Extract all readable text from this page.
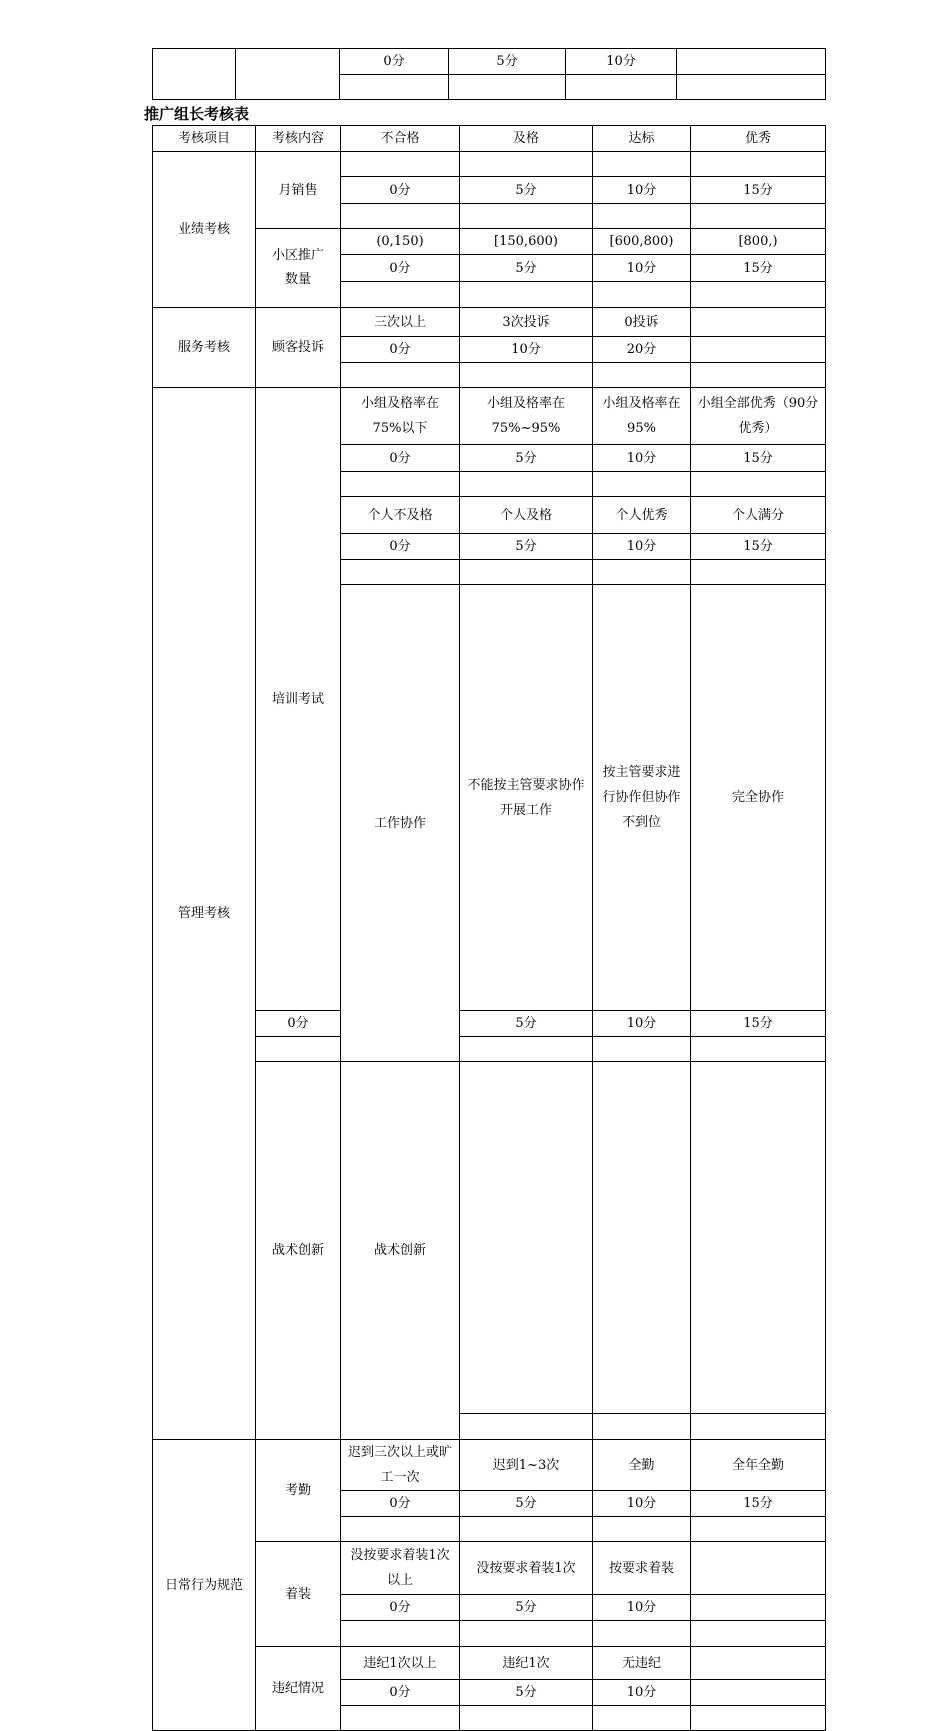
		0分	5分	10分	

推广组长考核表
考核项目	考核内容	不合格	及格	达标	优秀	
业绩考核	月销售					
		0分	5分	10分	15分	

	小区推广
数量	(0,150)	[150,600)	[600,800)	[800,)	
		0分	5分	10分	15分	

服务考核	顾客投诉	三次以上	3次投诉	0投诉		
		0分	10分	20分		

管理考核	培训考试	小组及格率在75%以下	小组及格率在75%~95%	小组及格率在95%	小组全部优秀（90分优秀）	
		0分	5分	10分	15分	

		个人不及格	个人及格	个人优秀	个人满分	
		0分	5分	10分	15分	

		工作协作	不能按主管要求协作开展工作	按主管要求进行协作但协作不到位	完全协作	
	0分		5分	10分	15分	

	战术创新	战术创新				

日常行为规范	考勤	迟到三次以上或旷工一次	迟到1~3次	全勤	全年全勤	
		0分	5分	10分	15分	

	着装	没按要求着装1次以上	没按要求着装1次	按要求着装		
		0分	5分	10分		

	违纪情况	违纪1次以上	违纪1次	无违纪		
		0分	5分	10分		
